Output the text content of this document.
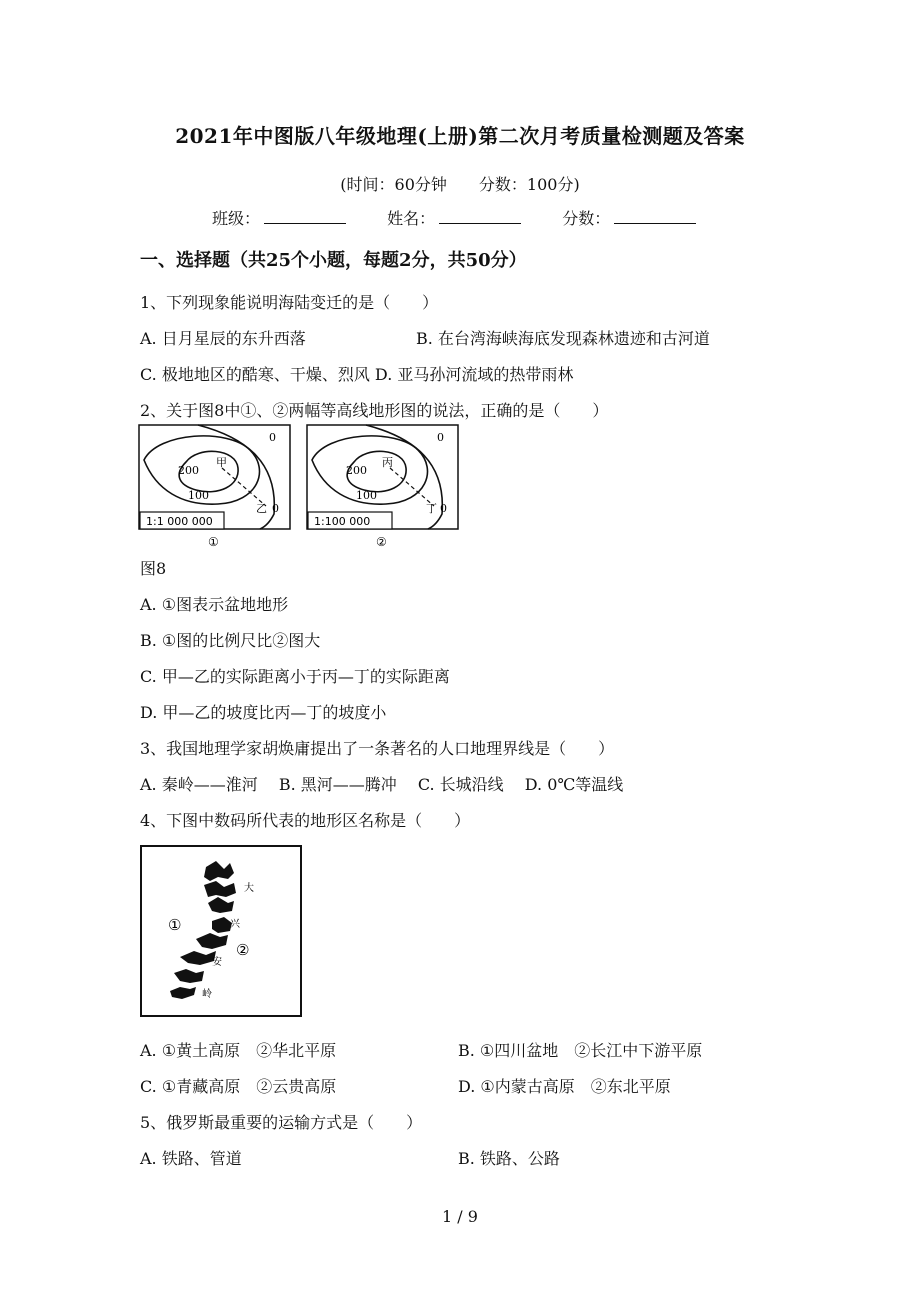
2021年中图版八年级地理(上册)第二次月考质量检测题及答案
(时间：60分钟　　分数：100分)
班级：	姓名：	分数：
一、选择题（共25个小题，每题2分，共50分）
1、下列现象能说明海陆变迁的是（　　）
A. 日月星辰的东升西落	B. 在台湾海峡海底发现森林遗迹和古河道
C. 极地地区的酷寒、干燥、烈风 D. 亚马孙河流域的热带雨林
2、关于图8中①、②两幅等高线地形图的说法，正确的是（　　）
0
200
甲
100
乙 0
1:1 000 000
①
0
200
丙
100
丁 0
1:100 000
②
图8
A. ①图表示盆地地形
B. ①图的比例尺比②图大
C. 甲—乙的实际距离小于丙—丁的实际距离
D. 甲—乙的坡度比丙—丁的坡度小
3、我国地理学家胡焕庸提出了一条著名的人口地理界线是（　　）
A. 秦岭——淮河　 B. 黑河——腾冲　 C. 长城沿线　 D. 0℃等温线
4、下图中数码所代表的地形区名称是（　　）
①
②
大
兴
安
岭
A. ①黄土高原　②华北平原	B. ①四川盆地　②长江中下游平原
C. ①青藏高原　②云贵高原	D. ①内蒙古高原　②东北平原
5、俄罗斯最重要的运输方式是（　　）
A. 铁路、管道	B. 铁路、公路
1 / 9
